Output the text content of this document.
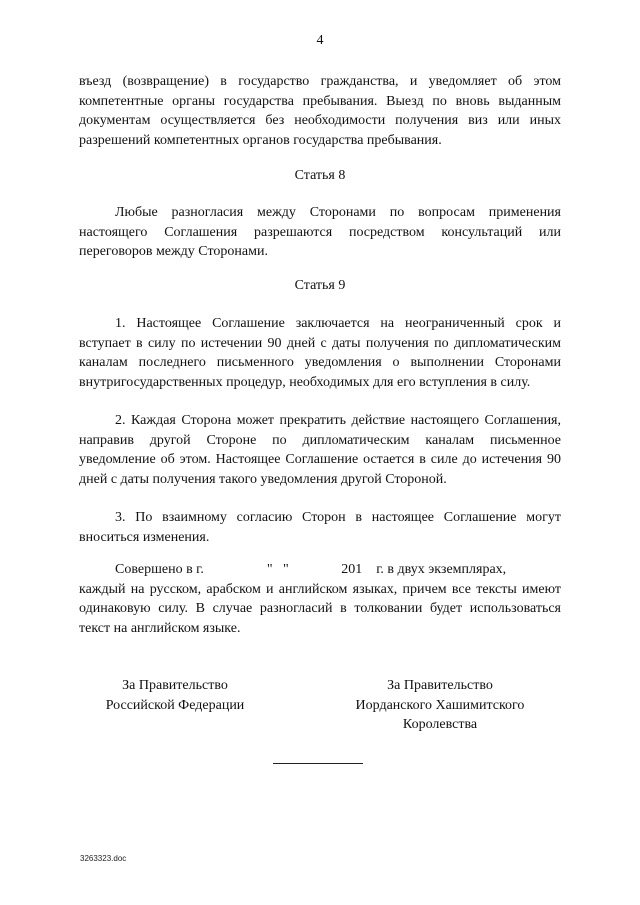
4

въезд (возвращение) в государство гражданства, и уведомляет об этом компетентные органы государства пребывания. Выезд по вновь выданным документам осуществляется без необходимости получения виз или иных разрешений компетентных органов государства пребывания.

Статья 8

Любые разногласия между Сторонами по вопросам применения настоящего Соглашения разрешаются посредством консультаций или переговоров между Сторонами.

Статья 9

1. Настоящее Соглашение заключается на неограниченный срок и вступает в силу по истечении 90 дней с даты получения по дипломатическим каналам последнего письменного уведомления о выполнении Сторонами внутригосударственных процедур, необходимых для его вступления в силу.

2. Каждая Сторона может прекратить действие настоящего Соглашения, направив другой Стороне по дипломатическим каналам письменное уведомление об этом. Настоящее Соглашение остается в силе до истечения 90 дней с даты получения такого уведомления другой Стороной.

3. По взаимному согласию Сторон в настоящее Соглашение могут вноситься изменения.

Совершено в г.                  "   "               201    г. в двух экземплярах,
каждый на русском, арабском и английском языках, причем все тексты имеют одинаковую силу. В случае разногласий в толковании будет использоваться текст на английском языке.
За Правительство
Российской Федерации
За Правительство
Иорданского Хашимитского
Королевства
3263323.doc
